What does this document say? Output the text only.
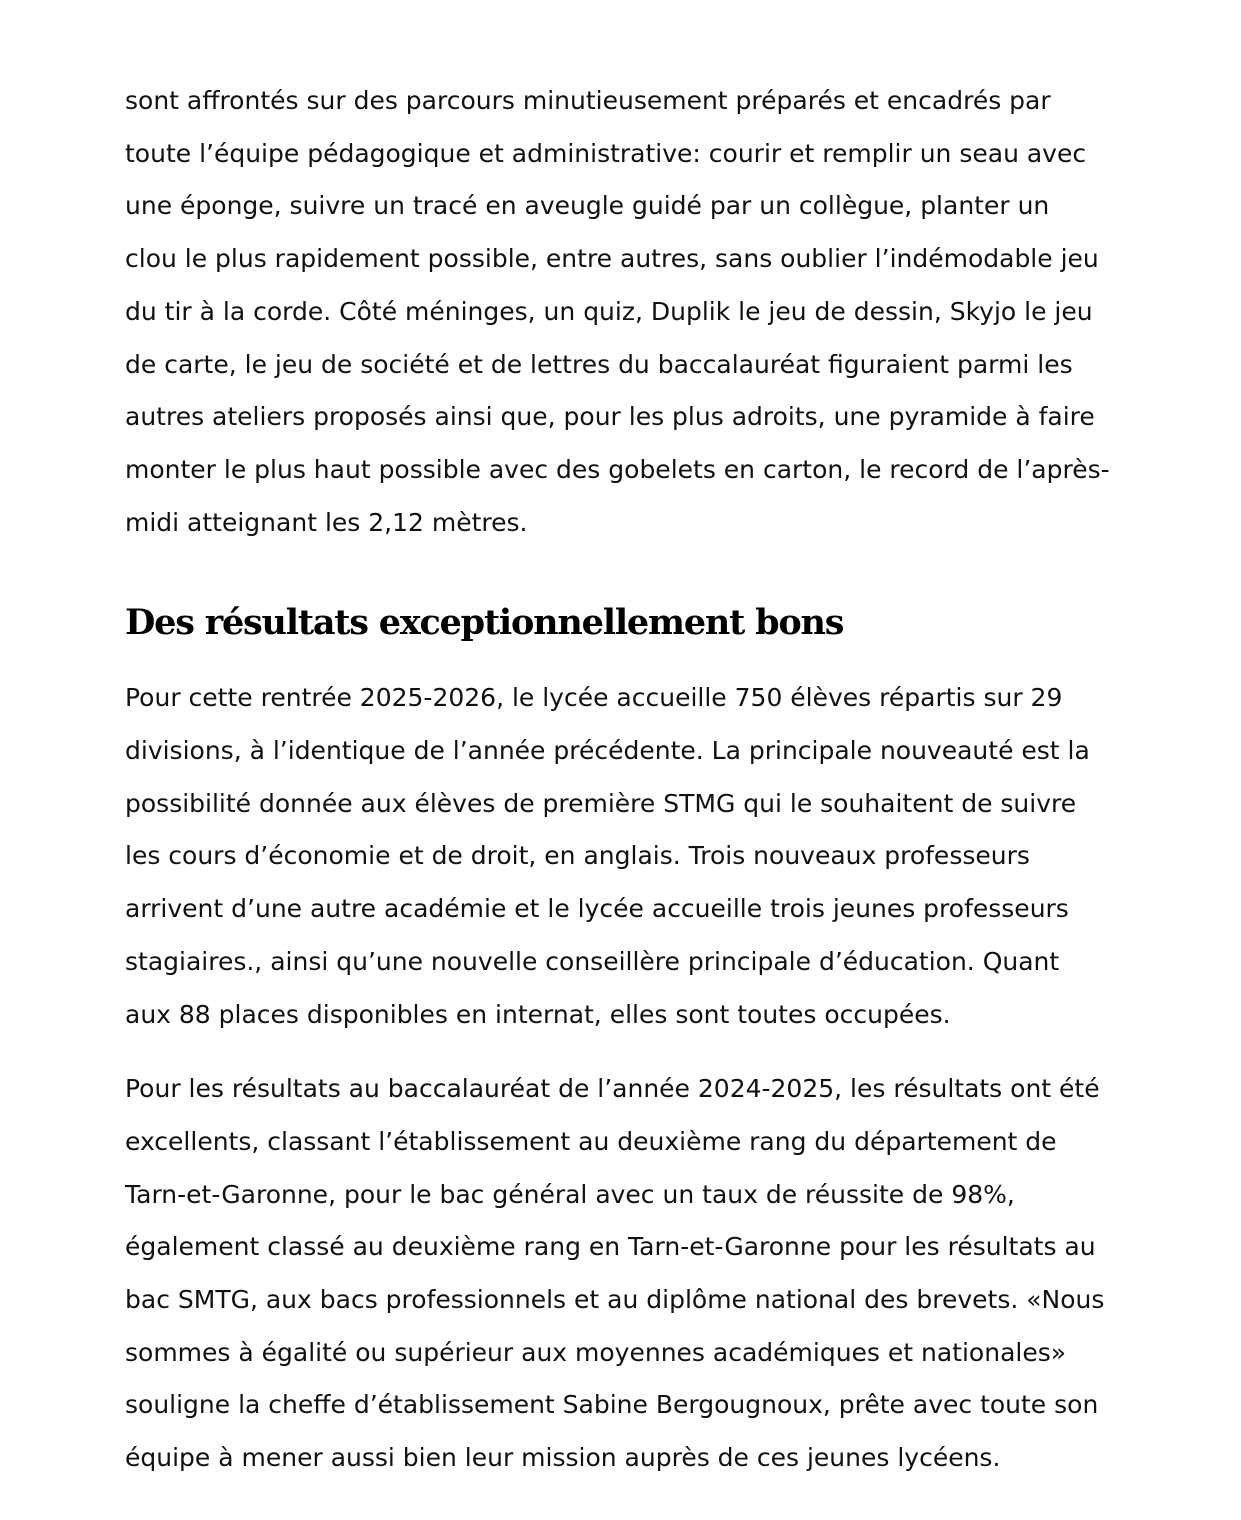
sont affrontés sur des parcours minutieusement préparés et encadrés par
toute l’équipe pédagogique et administrative: courir et remplir un seau avec
une éponge, suivre un tracé en aveugle guidé par un collègue, planter un
clou le plus rapidement possible, entre autres, sans oublier l’indémodable jeu
du tir à la corde. Côté méninges, un quiz, Duplik le jeu de dessin, Skyjo le jeu
de carte, le jeu de société et de lettres du baccalauréat figuraient parmi les
autres ateliers proposés ainsi que, pour les plus adroits, une pyramide à faire
monter le plus haut possible avec des gobelets en carton, le record de l’après-
midi atteignant les 2,12 mètres.

Des résultats exceptionnellement bons

Pour cette rentrée 2025-2026, le lycée accueille 750 élèves répartis sur 29
divisions, à l’identique de l’année précédente. La principale nouveauté est la
possibilité donnée aux élèves de première STMG qui le souhaitent de suivre
les cours d’économie et de droit, en anglais. Trois nouveaux professeurs
arrivent d’une autre académie et le lycée accueille trois jeunes professeurs
stagiaires., ainsi qu’une nouvelle conseillère principale d’éducation. Quant
aux 88 places disponibles en internat, elles sont toutes occupées.

Pour les résultats au baccalauréat de l’année 2024-2025, les résultats ont été
excellents, classant l’établissement au deuxième rang du département de
Tarn-et-Garonne, pour le bac général avec un taux de réussite de 98%,
également classé au deuxième rang en Tarn-et-Garonne pour les résultats au
bac SMTG, aux bacs professionnels et au diplôme national des brevets. «Nous
sommes à égalité ou supérieur aux moyennes académiques et nationales»
souligne la cheffe d’établissement Sabine Bergougnoux, prête avec toute son
équipe à mener aussi bien leur mission auprès de ces jeunes lycéens.
